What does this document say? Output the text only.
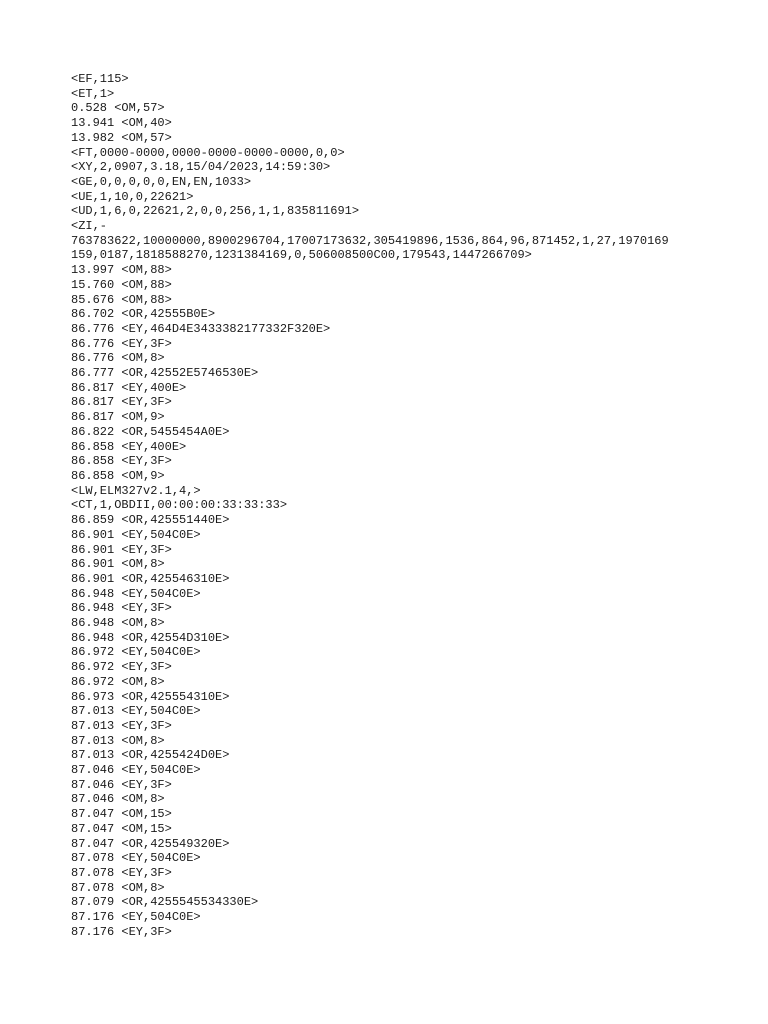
<EF,115>
<ET,1>
0.528 <OM,57>
13.941 <OM,40>
13.982 <OM,57>
<FT,0000-0000,0000-0000-0000-0000,0,0>
<XY,2,0907,3.18,15/04/2023,14:59:30>
<GE,0,0,0,0,0,EN,EN,1033>
<UE,1,10,0,22621>
<UD,1,6,0,22621,2,0,0,256,1,1,835811691>
<ZI,-
763783622,10000000,8900296704,17007173632,305419896,1536,864,96,871452,1,27,1970169
159,0187,1818588270,1231384169,0,506008500C00,179543,1447266709>
13.997 <OM,88>
15.760 <OM,88>
85.676 <OM,88>
86.702 <OR,42555B0E>
86.776 <EY,464D4E3433382177332F320E>
86.776 <EY,3F>
86.776 <OM,8>
86.777 <OR,42552E5746530E>
86.817 <EY,400E>
86.817 <EY,3F>
86.817 <OM,9>
86.822 <OR,5455454A0E>
86.858 <EY,400E>
86.858 <EY,3F>
86.858 <OM,9>
<LW,ELM327v2.1,4,>
<CT,1,OBDII,00:00:00:33:33:33>
86.859 <OR,425551440E>
86.901 <EY,504C0E>
86.901 <EY,3F>
86.901 <OM,8>
86.901 <OR,425546310E>
86.948 <EY,504C0E>
86.948 <EY,3F>
86.948 <OM,8>
86.948 <OR,42554D310E>
86.972 <EY,504C0E>
86.972 <EY,3F>
86.972 <OM,8>
86.973 <OR,425554310E>
87.013 <EY,504C0E>
87.013 <EY,3F>
87.013 <OM,8>
87.013 <OR,4255424D0E>
87.046 <EY,504C0E>
87.046 <EY,3F>
87.046 <OM,8>
87.047 <OM,15>
87.047 <OM,15>
87.047 <OR,425549320E>
87.078 <EY,504C0E>
87.078 <EY,3F>
87.078 <OM,8>
87.079 <OR,4255545534330E>
87.176 <EY,504C0E>
87.176 <EY,3F>
